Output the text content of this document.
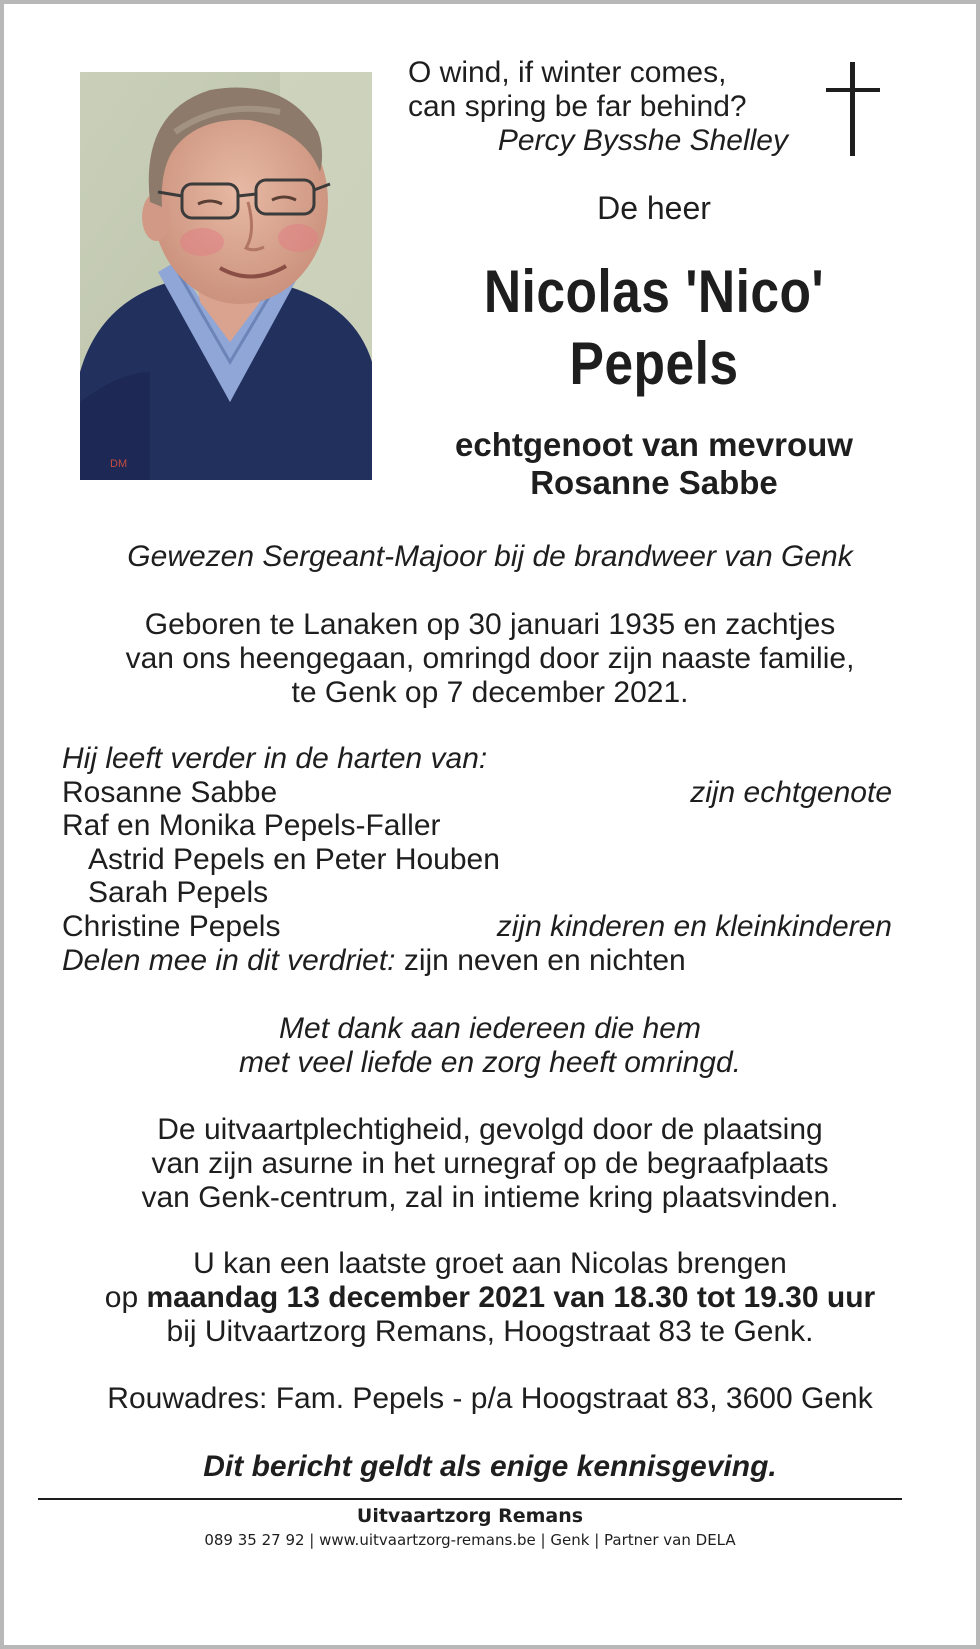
DM
O wind, if winter comes,
can spring be far behind?
Percy Bysshe Shelley
De heer
Nicolas 'Nico'
Pepels
echtgenoot van mevrouw
Rosanne Sabbe
Gewezen Sergeant-Majoor bij de brandweer van Genk
Geboren te Lanaken op 30 januari 1935 en zachtjes
van ons heengegaan, omringd door zijn naaste familie,
te Genk op 7 december 2021.
Hij leeft verder in de harten van:
Rosanne Sabbe	zijn echtgenote
Raf en Monika Pepels-Faller
Astrid Pepels en Peter Houben
Sarah Pepels
Christine Pepels	zijn kinderen en kleinkinderen
Delen mee in dit verdriet: zijn neven en nichten
Met dank aan iedereen die hem
met veel liefde en zorg heeft omringd.
De uitvaartplechtigheid, gevolgd door de plaatsing
van zijn asurne in het urnegraf op de begraafplaats
van Genk-centrum, zal in intieme kring plaatsvinden.
U kan een laatste groet aan Nicolas brengen
op maandag 13 december 2021 van 18.30 tot 19.30 uur
bij Uitvaartzorg Remans, Hoogstraat 83 te Genk.
Rouwadres: Fam. Pepels - p/a Hoogstraat 83, 3600 Genk
Dit bericht geldt als enige kennisgeving.
Uitvaartzorg Remans
089 35 27 92 | www.uitvaartzorg-remans.be | Genk | Partner van DELA
